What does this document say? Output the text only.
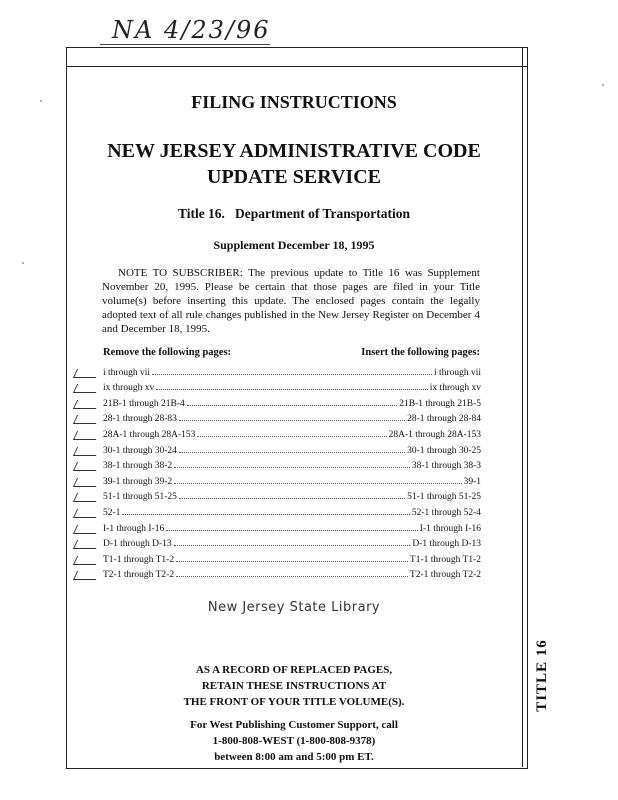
NA 4/23/96
FILING INSTRUCTIONS
NEW JERSEY ADMINISTRATIVE CODE
UPDATE SERVICE
Title 16.   Department of Transportation
Supplement December 18, 1995
NOTE TO SUBSCRIBER: The previous update to Title 16 was Supplement November 20, 1995. Please be certain that those pages are filed in your Title volume(s) before inserting this update. The enclosed pages contain the legally adopted text of all rule changes published in the New Jersey Register on December 4 and December 18, 1995.
Remove the following pages:	Insert the following pages:
i through vii	i through vii
ix through xv	ix through xv
21B-1 through 21B-4	21B-1 through 21B-5
28-1 through 28-83	28-1 through 28-84
28A-1 through 28A-153	28A-1 through 28A-153
30-1 through 30-24	30-1 through 30-25
38-1 through 38-2	38-1 through 38-3
39-1 through 39-2	39-1
51-1 through 51-25	51-1 through 51-25
52-1	52-1 through 52-4
I-1 through I-16	I-1 through I-16
D-1 through D-13	D-1 through D-13
T1-1 through T1-2	T1-1 through T1-2
T2-1 through T2-2	T2-1 through T2-2
New Jersey State Library
AS A RECORD OF REPLACED PAGES,
RETAIN THESE INSTRUCTIONS AT
THE FRONT OF YOUR TITLE VOLUME(S).
For West Publishing Customer Support, call
1-800-808-WEST (1-800-808-9378)
between 8:00 am and 5:00 pm ET.
TITLE 16
